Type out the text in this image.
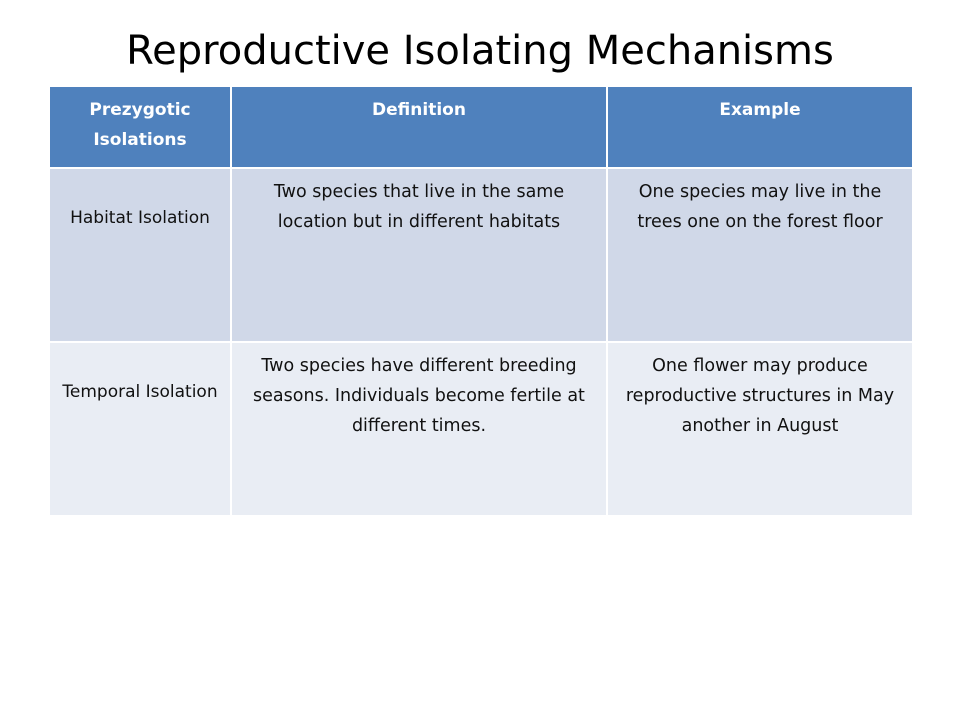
Reproductive Isolating Mechanisms
Prezygotic Isolations	Definition	Example
Habitat Isolation	Two species that live in the same location but in different habitats	One species may live in the trees one on the forest floor
Temporal Isolation	Two species have different breeding seasons. Individuals become fertile at different times.	One flower may produce reproductive structures in May another in August
